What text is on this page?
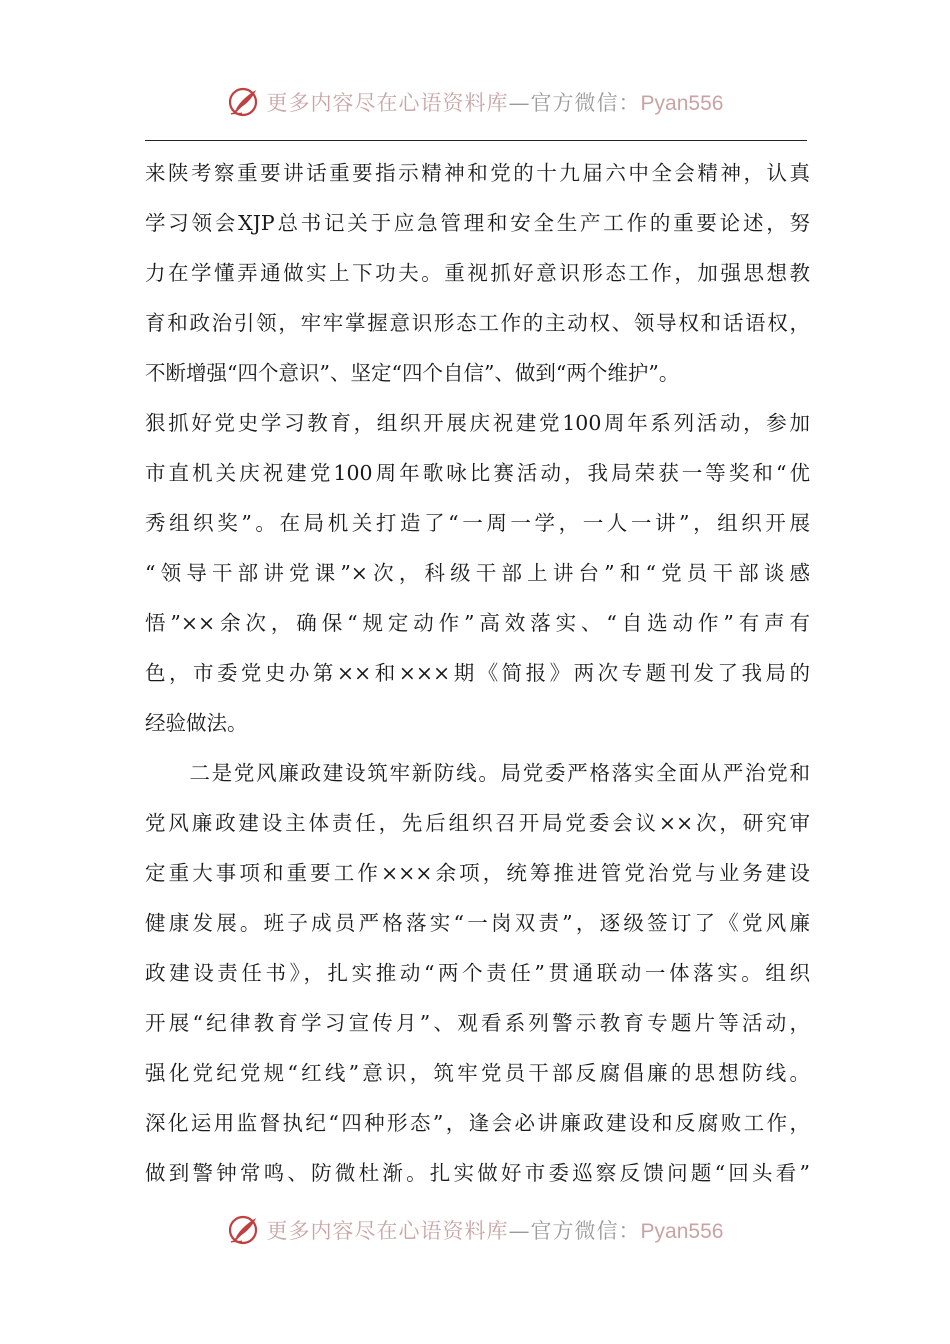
更多内容尽在心语资料库—官方微信：Pyan556
来陕考察重要讲话重要指示精神和党的十九届六中全会精神，认真
学习领会XJP总书记关于应急管理和安全生产工作的重要论述，努
力在学懂弄通做实上下功夫。重视抓好意识形态工作，加强思想教
育和政治引领，牢牢掌握意识形态工作的主动权、领导权和话语权，
不断增强“四个意识”、坚定“四个自信”、做到“两个维护”。
狠抓好党史学习教育，组织开展庆祝建党100周年系列活动，参加
市直机关庆祝建党100周年歌咏比赛活动，我局荣获一等奖和“优
秀组织奖”。在局机关打造了“一周一学，一人一讲”，组织开展
“领导干部讲党课”×次，科级干部上讲台”和“党员干部谈感
悟”××余次，确保“规定动作”高效落实、“自选动作”有声有
色，市委党史办第××和×××期《简报》两次专题刊发了我局的
经验做法。
　　二是党风廉政建设筑牢新防线。局党委严格落实全面从严治党和
党风廉政建设主体责任，先后组织召开局党委会议××次，研究审
定重大事项和重要工作×××余项，统筹推进管党治党与业务建设
健康发展。班子成员严格落实“一岗双责”，逐级签订了《党风廉
政建设责任书》，扎实推动“两个责任”贯通联动一体落实。组织
开展“纪律教育学习宣传月”、观看系列警示教育专题片等活动，
强化党纪党规“红线”意识，筑牢党员干部反腐倡廉的思想防线。
深化运用监督执纪“四种形态”，逢会必讲廉政建设和反腐败工作，
做到警钟常鸣、防微杜渐。扎实做好市委巡察反馈问题“回头看”
更多内容尽在心语资料库—官方微信：Pyan556
